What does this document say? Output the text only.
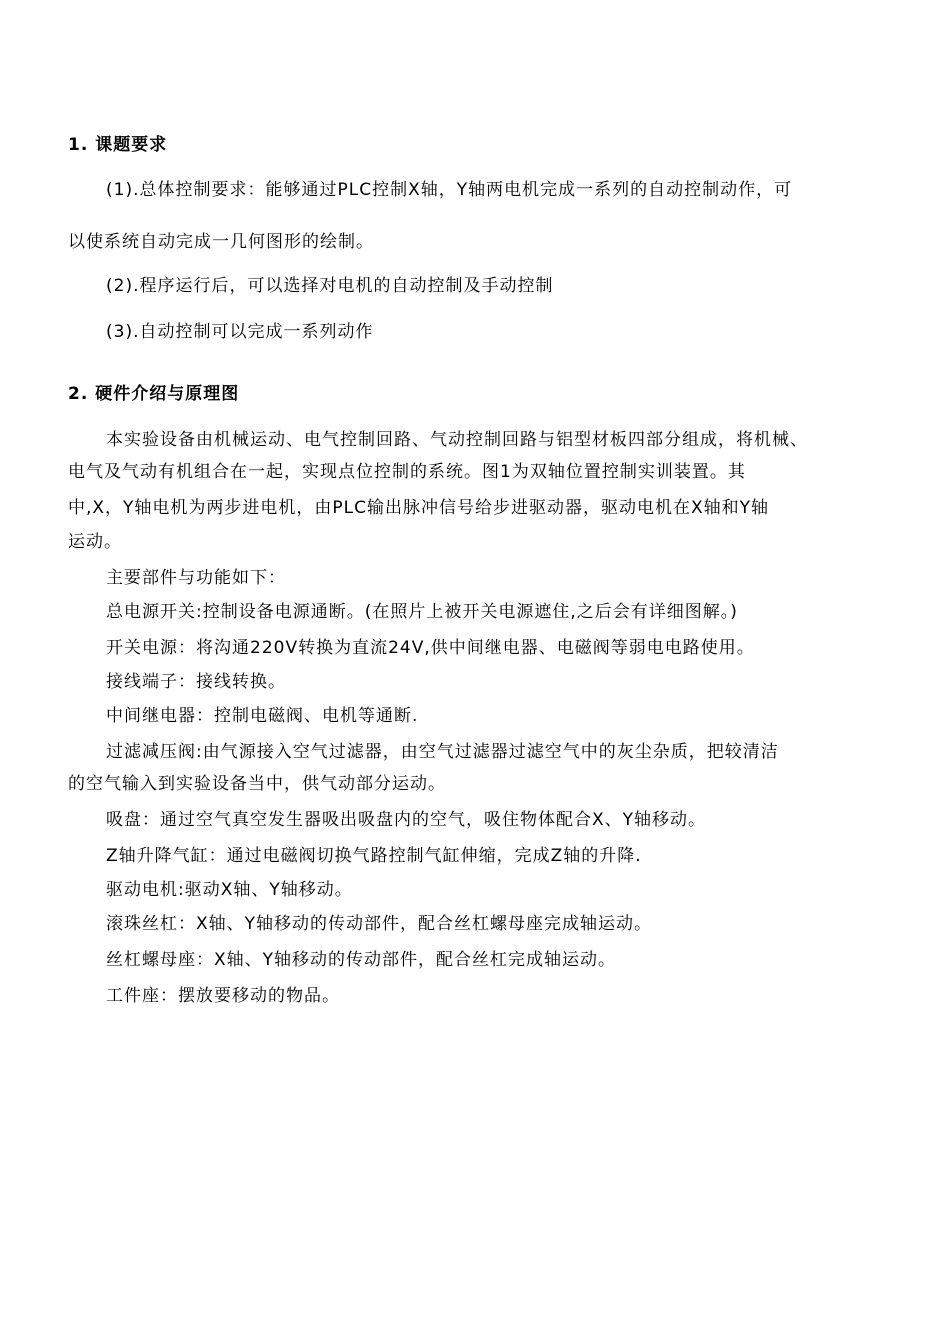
1. 课题要求
(1).总体控制要求：能够通过PLC控制X轴，Y轴两电机完成一系列的自动控制动作，可
以使系统自动完成一几何图形的绘制。
(2).程序运行后，可以选择对电机的自动控制及手动控制
(3).自动控制可以完成一系列动作
2. 硬件介绍与原理图
本实验设备由机械运动、电气控制回路、气动控制回路与铝型材板四部分组成，将机械、
电气及气动有机组合在一起，实现点位控制的系统。图1为双轴位置控制实训装置。其
中,X，Y轴电机为两步进电机，由PLC输出脉冲信号给步进驱动器，驱动电机在X轴和Y轴
运动。
主要部件与功能如下：
总电源开关:控制设备电源通断。(在照片上被开关电源遮住,之后会有详细图解。)
开关电源：将沟通220V转换为直流24V,供中间继电器、电磁阀等弱电电路使用。
接线端子：接线转换。
中间继电器：控制电磁阀、电机等通断.
过滤减压阀:由气源接入空气过滤器，由空气过滤器过滤空气中的灰尘杂质，把较清洁
的空气输入到实验设备当中，供气动部分运动。
吸盘：通过空气真空发生器吸出吸盘内的空气，吸住物体配合X、Y轴移动。
Z轴升降气缸：通过电磁阀切换气路控制气缸伸缩，完成Z轴的升降.
驱动电机:驱动X轴、Y轴移动。
滚珠丝杠：X轴、Y轴移动的传动部件，配合丝杠螺母座完成轴运动。
丝杠螺母座：X轴、Y轴移动的传动部件，配合丝杠完成轴运动。
工件座：摆放要移动的物品。
